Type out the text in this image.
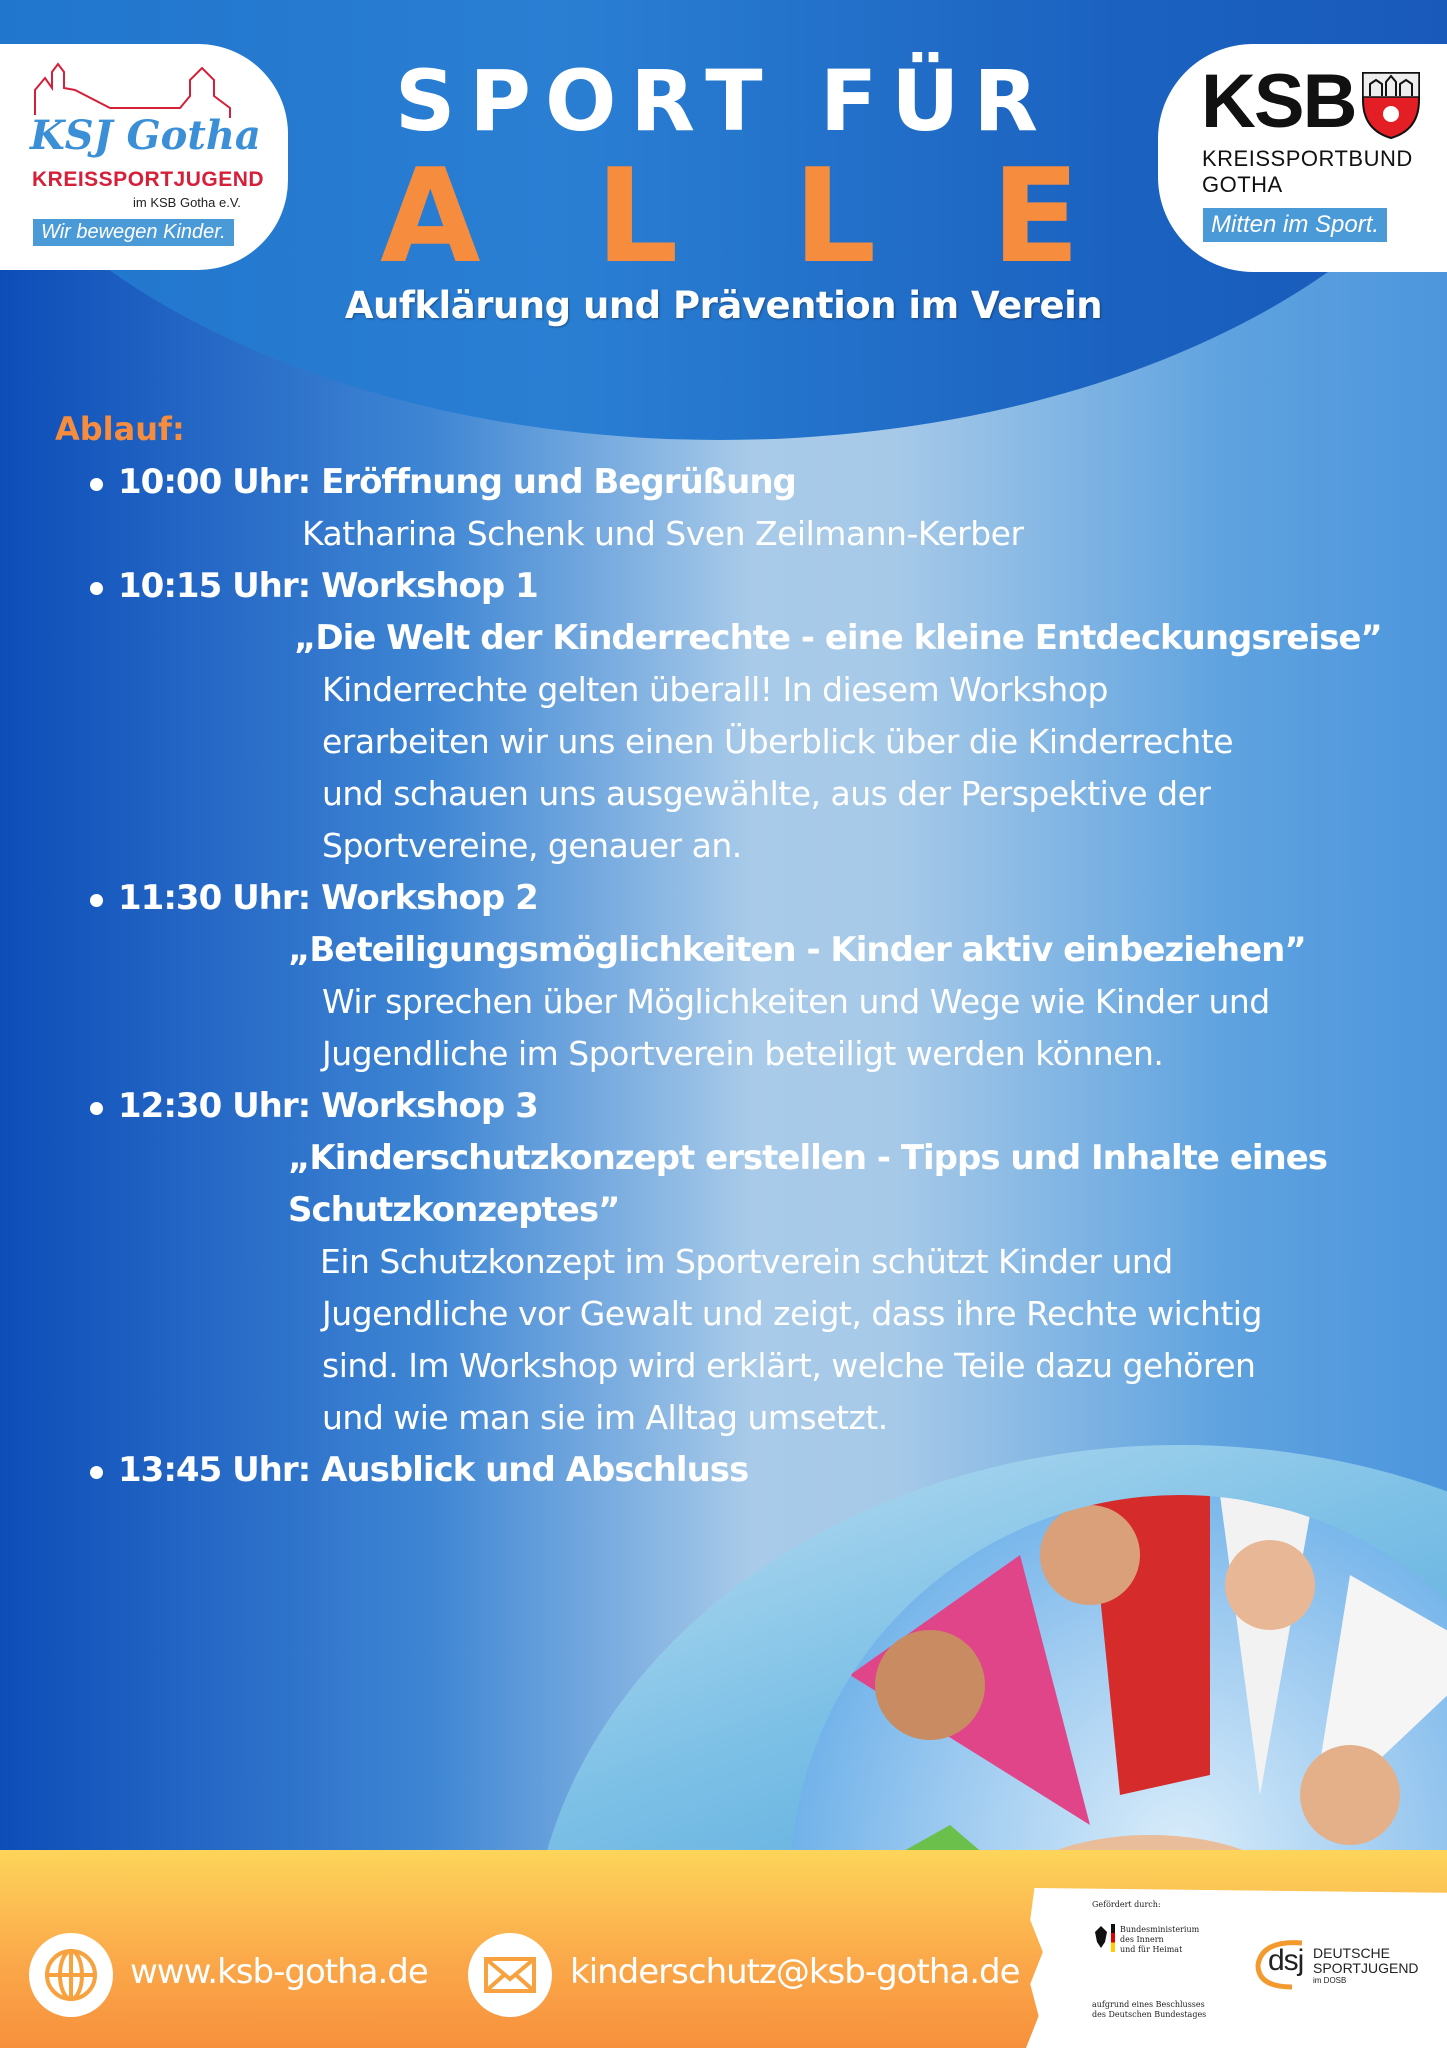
KSJ Gotha
KREISSPORTJUGEND
im KSB Gotha e.V.
Wir bewegen Kinder.
KSB
KREISSPORTBUND
GOTHA
Mitten im Sport.
SPORT FÜR
A L L E
Aufklärung und Prävention im Verein
Ablauf:
10:00 Uhr: Eröffnung und Begrüßung
Katharina Schenk und Sven Zeilmann-Kerber
10:15 Uhr: Workshop 1
„Die Welt der Kinderrechte - eine kleine Entdeckungsreise”
Kinderrechte gelten überall! In diesem Workshop
erarbeiten wir uns einen Überblick über die Kinderrechte
und schauen uns ausgewählte, aus der Perspektive der
Sportvereine, genauer an.
11:30 Uhr: Workshop 2
„Beteiligungsmöglichkeiten - Kinder aktiv einbeziehen”
Wir sprechen über Möglichkeiten und Wege wie Kinder und
Jugendliche im Sportverein beteiligt werden können.
12:30 Uhr: Workshop 3
„Kinderschutzkonzept erstellen - Tipps und Inhalte eines
Schutzkonzeptes”
Ein Schutzkonzept im Sportverein schützt Kinder und
Jugendliche vor Gewalt und zeigt, dass ihre Rechte wichtig
sind. Im Workshop wird erklärt, welche Teile dazu gehören
und wie man sie im Alltag umsetzt.
13:45 Uhr: Ausblick und Abschluss
www.ksb-gotha.de	kinderschutz@ksb-gotha.de
Gefördert durch:
Bundesministerium
des Innern
und für Heimat
aufgrund eines Beschlusses
des Deutschen Bundestages
dsj DEUTSCHE
SPORTJUGEND
im DOSB
